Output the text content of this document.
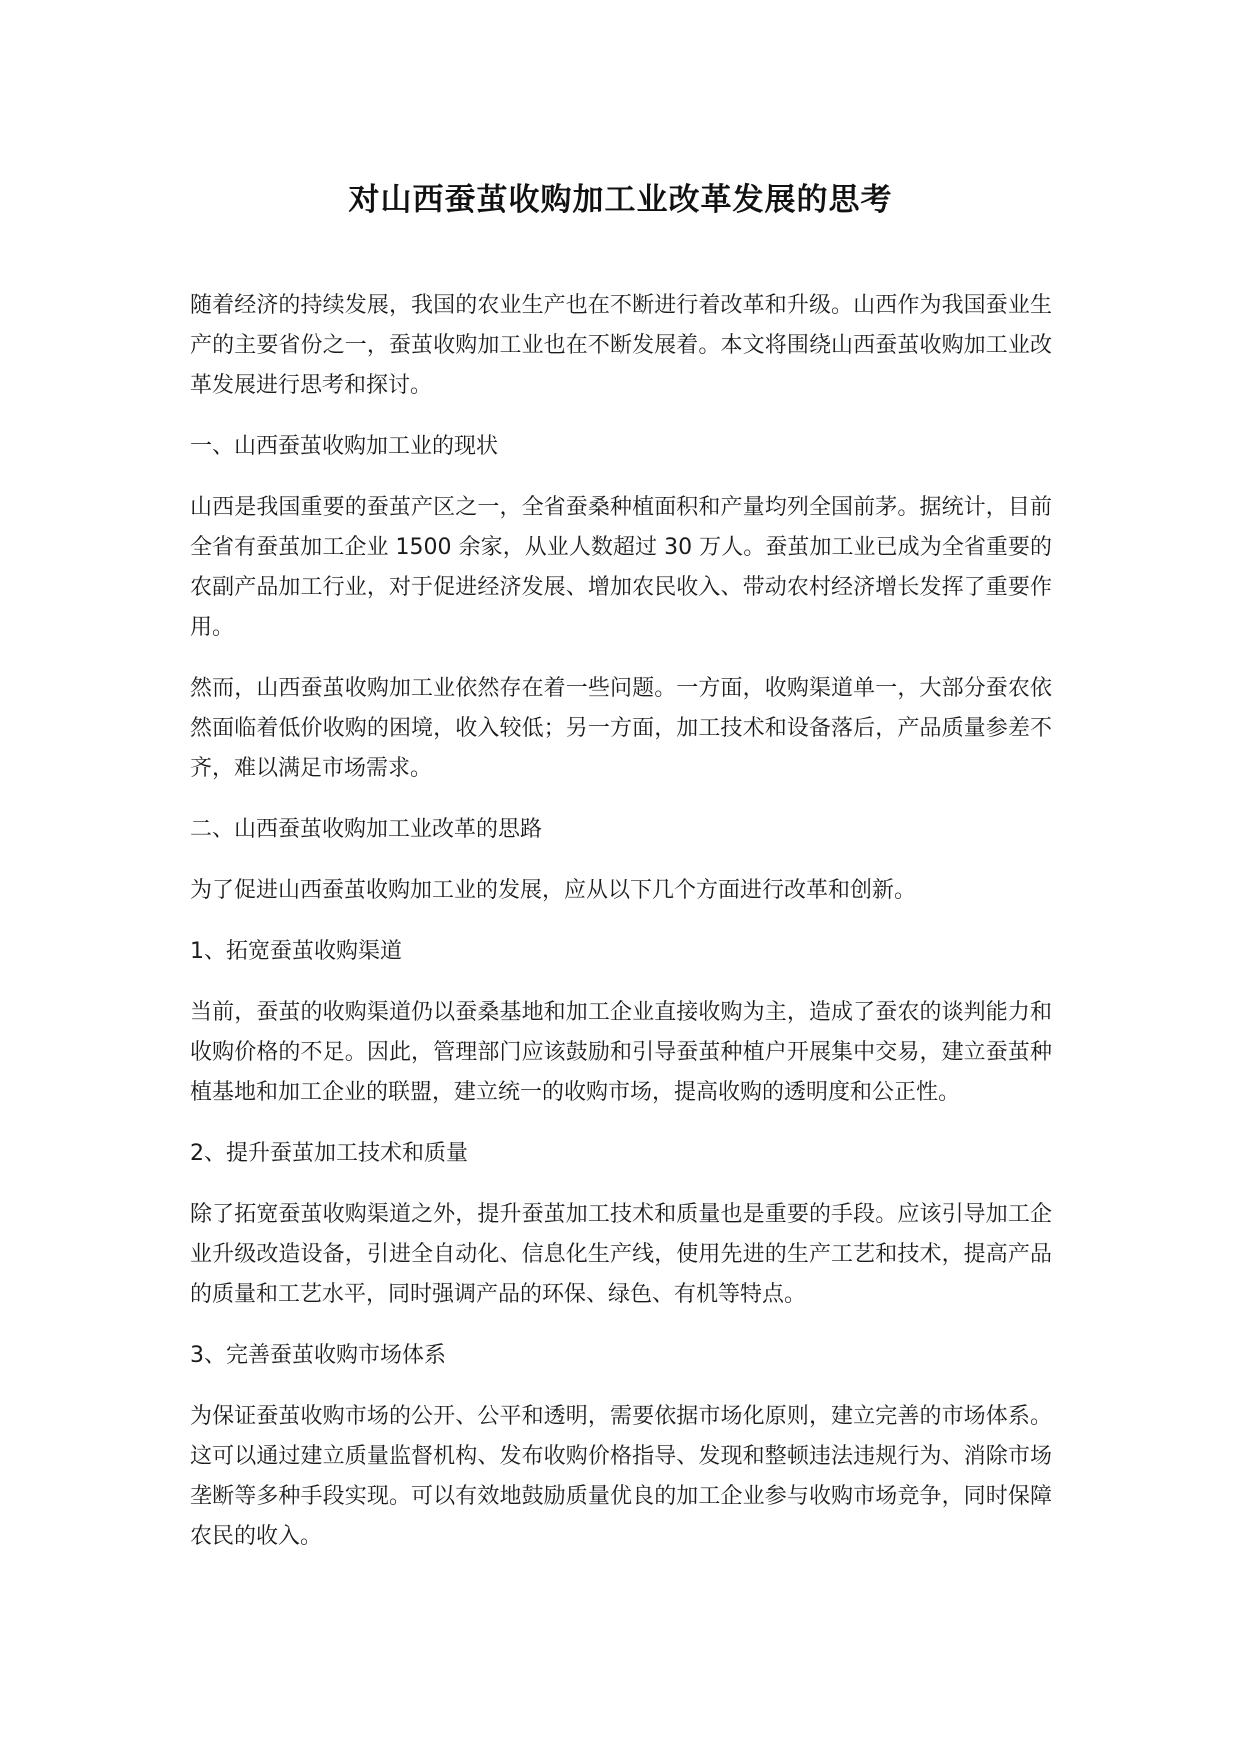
对山西蚕茧收购加工业改革发展的思考

随着经济的持续发展，我国的农业生产也在不断进行着改革和升级。山西作为我国蚕业生产的主要省份之一，蚕茧收购加工业也在不断发展着。本文将围绕山西蚕茧收购加工业改革发展进行思考和探讨。

一、山西蚕茧收购加工业的现状

山西是我国重要的蚕茧产区之一，全省蚕桑种植面积和产量均列全国前茅。据统计，目前全省有蚕茧加工企业 1500 余家，从业人数超过 30 万人。蚕茧加工业已成为全省重要的农副产品加工行业，对于促进经济发展、增加农民收入、带动农村经济增长发挥了重要作用。

然而，山西蚕茧收购加工业依然存在着一些问题。一方面，收购渠道单一，大部分蚕农依然面临着低价收购的困境，收入较低；另一方面，加工技术和设备落后，产品质量参差不齐，难以满足市场需求。

二、山西蚕茧收购加工业改革的思路

为了促进山西蚕茧收购加工业的发展，应从以下几个方面进行改革和创新。

1、拓宽蚕茧收购渠道

当前，蚕茧的收购渠道仍以蚕桑基地和加工企业直接收购为主，造成了蚕农的谈判能力和收购价格的不足。因此，管理部门应该鼓励和引导蚕茧种植户开展集中交易，建立蚕茧种植基地和加工企业的联盟，建立统一的收购市场，提高收购的透明度和公正性。

2、提升蚕茧加工技术和质量

除了拓宽蚕茧收购渠道之外，提升蚕茧加工技术和质量也是重要的手段。应该引导加工企业升级改造设备，引进全自动化、信息化生产线，使用先进的生产工艺和技术，提高产品的质量和工艺水平，同时强调产品的环保、绿色、有机等特点。

3、完善蚕茧收购市场体系

为保证蚕茧收购市场的公开、公平和透明，需要依据市场化原则，建立完善的市场体系。这可以通过建立质量监督机构、发布收购价格指导、发现和整顿违法违规行为、消除市场垄断等多种手段实现。可以有效地鼓励质量优良的加工企业参与收购市场竞争，同时保障农民的收入。
